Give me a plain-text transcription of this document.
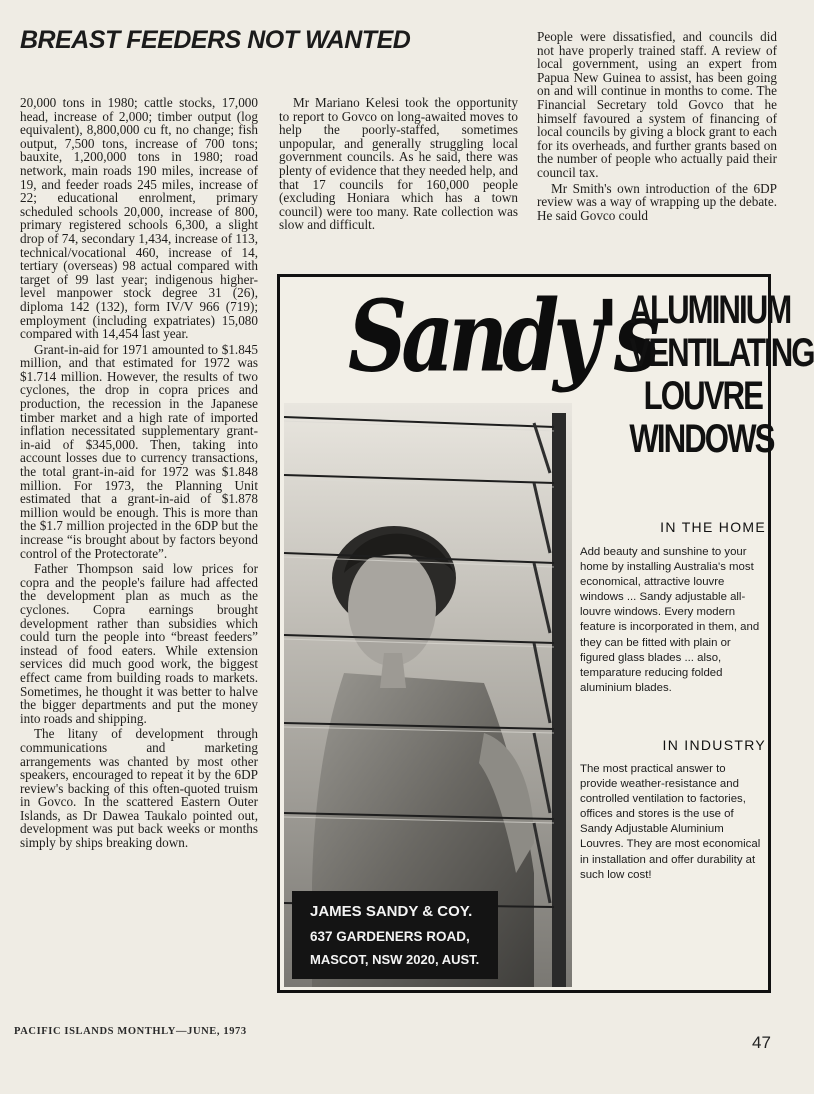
BREAST FEEDERS NOT WANTED

20,000 tons in 1980; cattle stocks, 17,000 head, increase of 2,000; timber output (log equivalent), 8,800,000 cu ft, no change; fish output, 7,500 tons, increase of 700 tons; bauxite, 1,200,000 tons in 1980; road network, main roads 190 miles, increase of 19, and feeder roads 245 miles, increase of 22; educational enrolment, primary scheduled schools 20,000, increase of 800, primary registered schools 6,300, a slight drop of 74, secondary 1,434, increase of 113, technical/vocational 460, increase of 14, tertiary (overseas) 98 actual compared with target of 99 last year; indigenous higher-level manpower stock degree 31 (26), diploma 142 (132), form IV/V 966 (719); employment (including expatriates) 15,080 compared with 14,454 last year.

Grant-in-aid for 1971 amounted to $1.845 million, and that estimated for 1972 was $1.714 million. However, the results of two cyclones, the drop in copra prices and production, the recession in the Japanese timber market and a high rate of imported inflation necessitated supplementary grant-in-aid of $345,000. Then, taking into account losses due to currency transactions, the total grant-in-aid for 1972 was $1.848 million. For 1973, the Planning Unit estimated that a grant-in-aid of $1.878 million would be enough. This is more than the $1.7 million projected in the 6DP but the increase “is brought about by factors beyond control of the Protectorate”.

Father Thompson said low prices for copra and the people's failure had affected the development plan as much as the cyclones. Copra earnings brought development rather than subsidies which could turn the people into “breast feeders” instead of food eaters. While extension services did much good work, the biggest effect came from building roads to markets. Sometimes, he thought it was better to halve the bigger departments and put the money into roads and shipping.

The litany of development through communications and marketing arrangements was chanted by most other speakers, encouraged to repeat it by the 6DP review's backing of this often-quoted truism in Govco. In the scattered Eastern Outer Islands, as Dr Dawea Taukalo pointed out, development was put back weeks or months simply by ships breaking down.

Mr Mariano Kelesi took the opportunity to report to Govco on long-awaited moves to help the poorly-staffed, sometimes unpopular, and generally struggling local government councils. As he said, there was plenty of evidence that they needed help, and that 17 councils for 160,000 people (excluding Honiara which has a town council) were too many. Rate collection was slow and difficult.

People were dissatisfied, and councils did not have properly trained staff. A review of local government, using an expert from Papua New Guinea to assist, has been going on and will continue in months to come. The Financial Secretary told Govco that he himself favoured a system of financing of local councils by giving a block grant to each for its overheads, and further grants based on the number of people who actually paid their council tax.

Mr Smith's own introduction of the 6DP review was a way of wrapping up the debate. He said Govco could

Sandy's
ALUMINIUM
VENTILATING
LOUVRE
WINDOWS
IN THE HOME

Add beauty and sunshine to your home by installing Australia's most economical, attractive louvre windows ... Sandy adjustable all-louvre windows. Every modern feature is incorporated in them, and they can be fitted with plain or figured glass blades ... also, temparature reducing folded aluminium blades.

IN INDUSTRY

The most practical answer to provide weather-resistance and controlled ventilation to factories, offices and stores is the use of Sandy Adjustable Aluminium Louvres. They are most economical in installation and offer durability at such low cost!

JAMES SANDY & COY.
637 GARDENERS ROAD,
MASCOT, NSW 2020, AUST.
PACIFIC ISLANDS MONTHLY—JUNE, 1973
47
